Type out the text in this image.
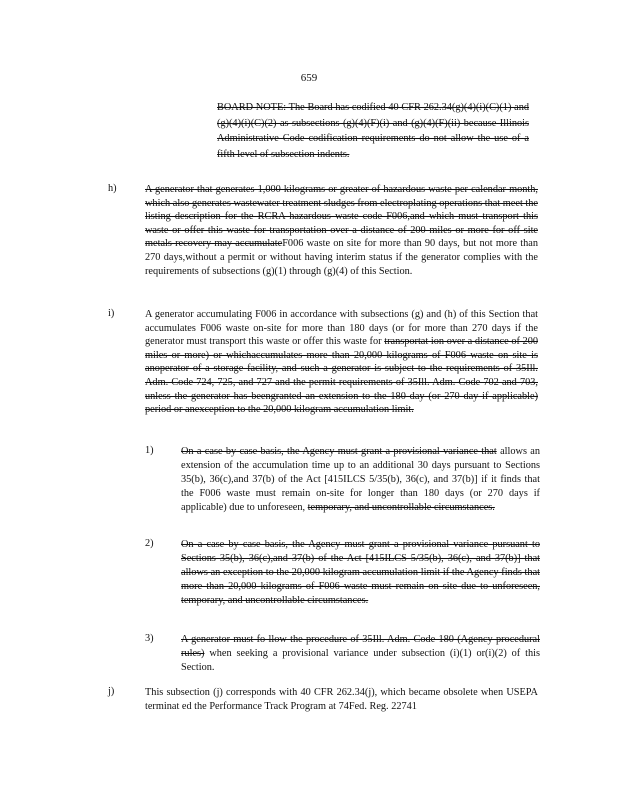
659
BOARD NOTE: The Board has codified 40 CFR 262.34(g)(4)(i)(C)(1) and (g)(4)(i)(C)(2) as subsections (g)(4)(F)(i) and (g)(4)(F)(ii) because Illinois Administrative Code codification requirements do not allow the use of a fifth level of subsection indents.
h)	A generator that generates 1,000 kilograms or greater of hazardous waste per calendar month, which also generates wastewater treatment sludges from electroplating operations that meet the listing description for the RCRA hazardous waste code F006,and which must transport this waste or offer this waste for transportation over a distance of 200 miles or more for off site metals recovery may accumulateF006 waste on site for more than 90 days, but not more than 270 days,without a permit or without having interim status if the generator complies with the requirements of subsections (g)(1) through (g)(4) of this Section.
i)	A generator accumulating F006 in accordance with subsections (g) and (h) of this Section that accumulates F006 waste on-site for more than 180 days (or for more than 270 days if the generator must transport this waste or offer this waste for transportat ion over a distance of 200 miles or more) or whichaccumulates more than 20,000 kilograms of F006 waste on site is anoperator of a storage facility, and such a generator is subject to the requirements of 35Ill. Adm. Code 724, 725, and 727 and the permit requirements of 35Ill. Adm. Code 702 and 703, unless the generator has beengranted an extension to the 180 day (or 270 day if applicable) period or anexception to the 20,000 kilogram accumulation limit.
1)	On a case by case basis, the Agency must grant a provisional variance that allows an extension of the accumulation time up to an additional 30 days pursuant to Sections 35(b), 36(c),and 37(b) of the Act [415ILCS 5/35(b), 36(c), and 37(b)] if it finds that the F006 waste must remain on-site for longer than 180 days (or 270 days if applicable) due to unforeseen, temporary, and uncontrollable circumstances.
2)	On a case by case basis, the Agency must grant a provisional variance pursuant to Sections 35(b), 36(c),and 37(b) of the Act [415ILCS 5/35(b), 36(c), and 37(b)] that allows an exception to the 20,000 kilogram accumulation limit if the Agency finds that more than 20,000 kilograms of F006 waste must remain on site due to unforeseen, temporary, and uncontrollable circumstances.
3)	A generator must fo llow the procedure of 35Ill. Adm. Code 180 (Agency procedural rules) when seeking a provisional variance under subsection (i)(1) or(i)(2) of this Section.
j)	This subsection (j) corresponds with 40 CFR 262.34(j), which became obsolete when USEPA terminat ed the Performance Track Program at 74Fed. Reg. 22741
